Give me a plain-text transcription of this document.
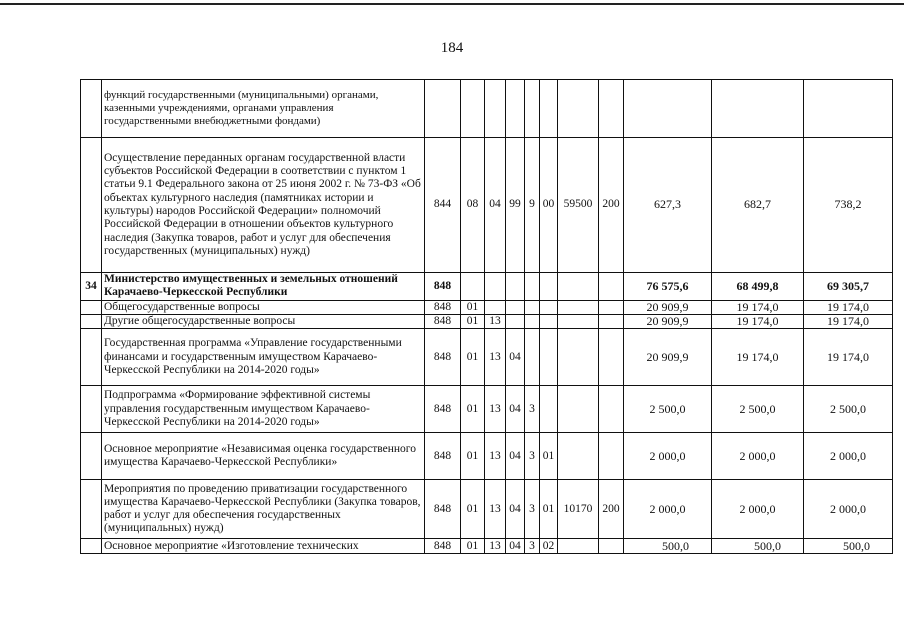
184
	функций государственными (муниципальными) органами, казенными учреждениями, органами управления государственными внебюджетными фондами)											
	Осуществление переданных органам государственной власти субъектов Российской Федерации в соответствии с пунктом 1 статьи 9.1 Федерального закона от 25 июня 2002 г. № 73-ФЗ «Об объектах культурного наследия (памятниках истории и культуры) народов Российской Федерации» полномочий Российской Федерации в отношении объектов культурного наследия (Закупка товаров, работ и услуг для обеспечения государственных (муниципальных) нужд)	844	08	04	99	9	00	59500	200	627,3	682,7	738,2
34	Министерство имущественных и земельных отношений Карачаево-Черкесской Республики	848								76 575,6	68 499,8	69 305,7
	Общегосударственные вопросы	848	01							20 909,9	19 174,0	19 174,0
	Другие общегосударственные вопросы	848	01	13						20 909,9	19 174,0	19 174,0
	Государственная программа «Управление государственными финансами и государственным имуществом Карачаево-Черкесской Республики на 2014-2020 годы»	848	01	13	04					20 909,9	19 174,0	19 174,0
	Подпрограмма «Формирование эффективной системы управления государственным имуществом Карачаево-Черкесской Республики на 2014-2020 годы»	848	01	13	04	3				2 500,0	2 500,0	2 500,0
	Основное мероприятие «Независимая оценка государственного имущества Карачаево-Черкесской Республики»	848	01	13	04	3	01			2 000,0	2 000,0	2 000,0
	Мероприятия по проведению приватизации государственного имущества Карачаево-Черкесской Республики (Закупка товаров, работ и услуг для обеспечения государственных (муниципальных) нужд)	848	01	13	04	3	01	10170	200	2 000,0	2 000,0	2 000,0
	Основное мероприятие «Изготовление технических	848	01	13	04	3	02			500,0	500,0	500,0
